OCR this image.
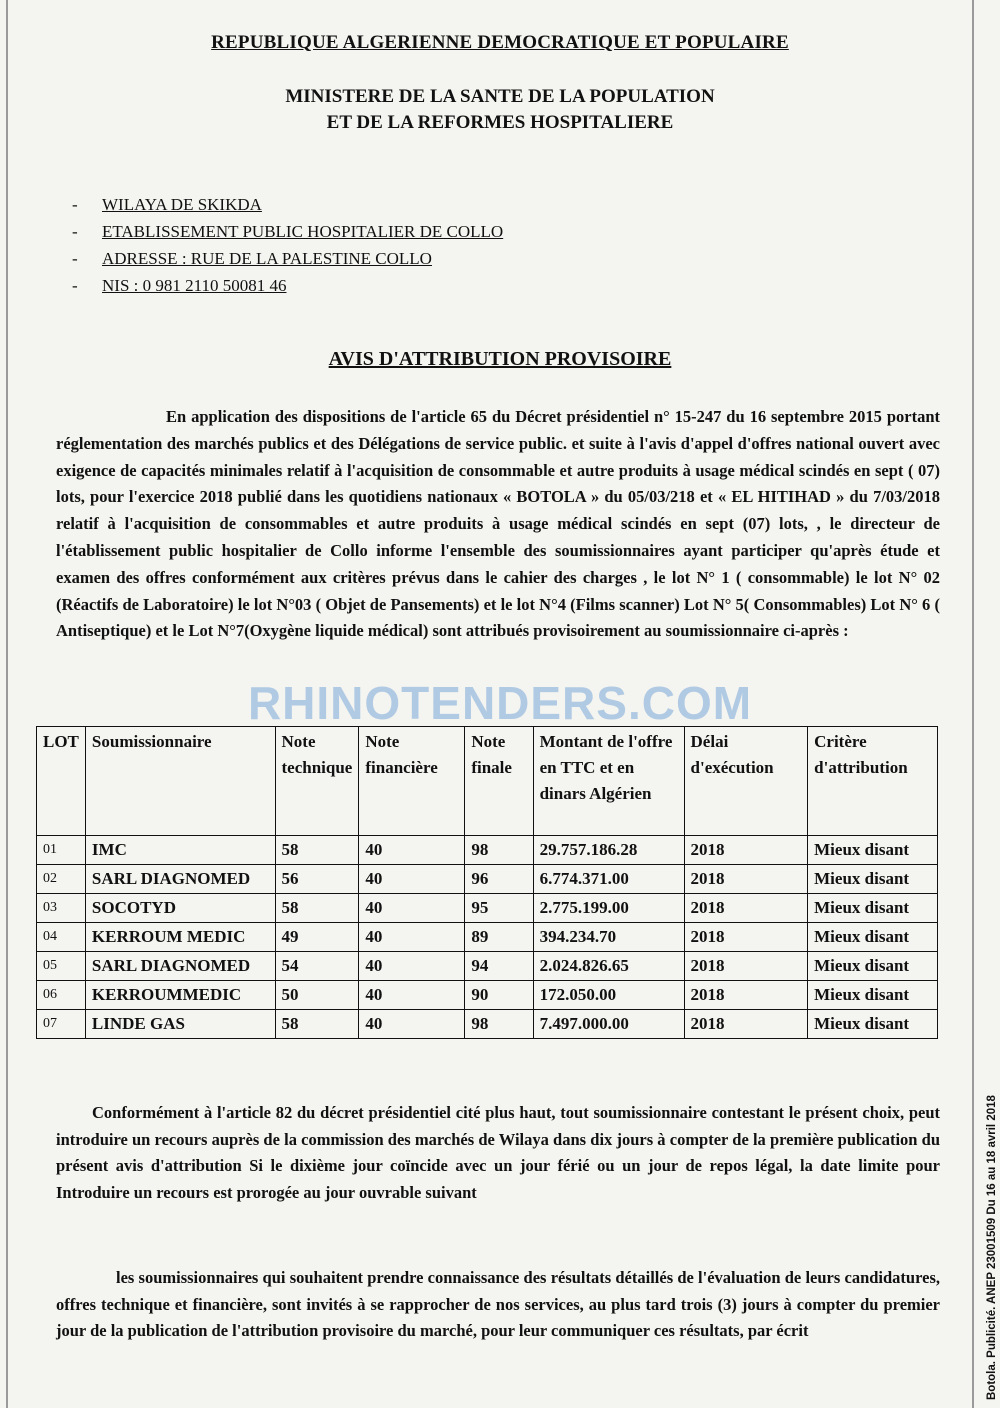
REPUBLIQUE ALGERIENNE DEMOCRATIQUE ET POPULAIRE
MINISTERE DE LA SANTE DE LA POPULATION
ET DE LA REFORMES HOSPITALIERE
- WILAYA DE SKIKDA
- ETABLISSEMENT PUBLIC HOSPITALIER DE COLLO
- ADRESSE : RUE DE LA PALESTINE COLLO
- NIS : 0 981 2110 50081 46
AVIS D'ATTRIBUTION PROVISOIRE
En application des dispositions de l'article 65 du Décret présidentiel n° 15-247 du 16 septembre 2015 portant réglementation des marchés publics et des Délégations de service public. et suite à l'avis d'appel d'offres national ouvert avec exigence de capacités minimales relatif à l'acquisition de consommable et autre produits à usage médical scindés en sept ( 07) lots, pour l'exercice 2018 publié dans les quotidiens nationaux « BOTOLA » du 05/03/218 et « EL HITIHAD » du 7/03/2018 relatif à l'acquisition de consommables et autre produits à usage médical scindés en sept (07) lots, , le directeur de l'établissement public hospitalier de Collo informe l'ensemble des soumissionnaires ayant participer qu'après étude et examen des offres conformément aux critères prévus dans le cahier des charges , le lot N° 1 ( consommable) le lot N° 02 (Réactifs de Laboratoire) le lot N°03 ( Objet de Pansements) et le lot N°4 (Films scanner) Lot N° 5( Consommables) Lot N° 6 ( Antiseptique) et le Lot N°7(Oxygène liquide médical) sont attribués provisoirement au soumissionnaire ci-après :
LOT	Soumissionnaire	Note technique	Note financière	Note finale	Montant de l'offre en TTC et en dinars Algérien	Délai d'exécution	Critère d'attribution
01	IMC	58	40	98	29.757.186.28	2018	Mieux disant
02	SARL DIAGNOMED	56	40	96	6.774.371.00	2018	Mieux disant
03	SOCOTYD	58	40	95	2.775.199.00	2018	Mieux disant
04	KERROUM MEDIC	49	40	89	394.234.70	2018	Mieux disant
05	SARL DIAGNOMED	54	40	94	2.024.826.65	2018	Mieux disant
06	KERROUMMEDIC	50	40	90	172.050.00	2018	Mieux disant
07	LINDE GAS	58	40	98	7.497.000.00	2018	Mieux disant
RHINOTENDERS.COM
Conformément à l'article 82 du décret présidentiel cité plus haut, tout soumissionnaire contestant le présent choix, peut introduire un recours auprès de la commission des marchés de Wilaya dans dix jours à compter de la première publication du présent avis d'attribution Si le dixième jour coïncide avec un jour férié ou un jour de repos légal, la date limite pour Introduire un recours est prorogée au jour ouvrable suivant
les soumissionnaires qui souhaitent prendre connaissance des résultats détaillés de l'évaluation de leurs candidatures, offres technique et financière, sont invités à se rapprocher de nos services, au plus tard trois (3) jours à compter du premier jour de la publication de l'attribution provisoire du marché, pour leur communiquer ces résultats, par écrit	Botola. Publicité. ANEP 23001509 Du 16 au 18 avril 2018
